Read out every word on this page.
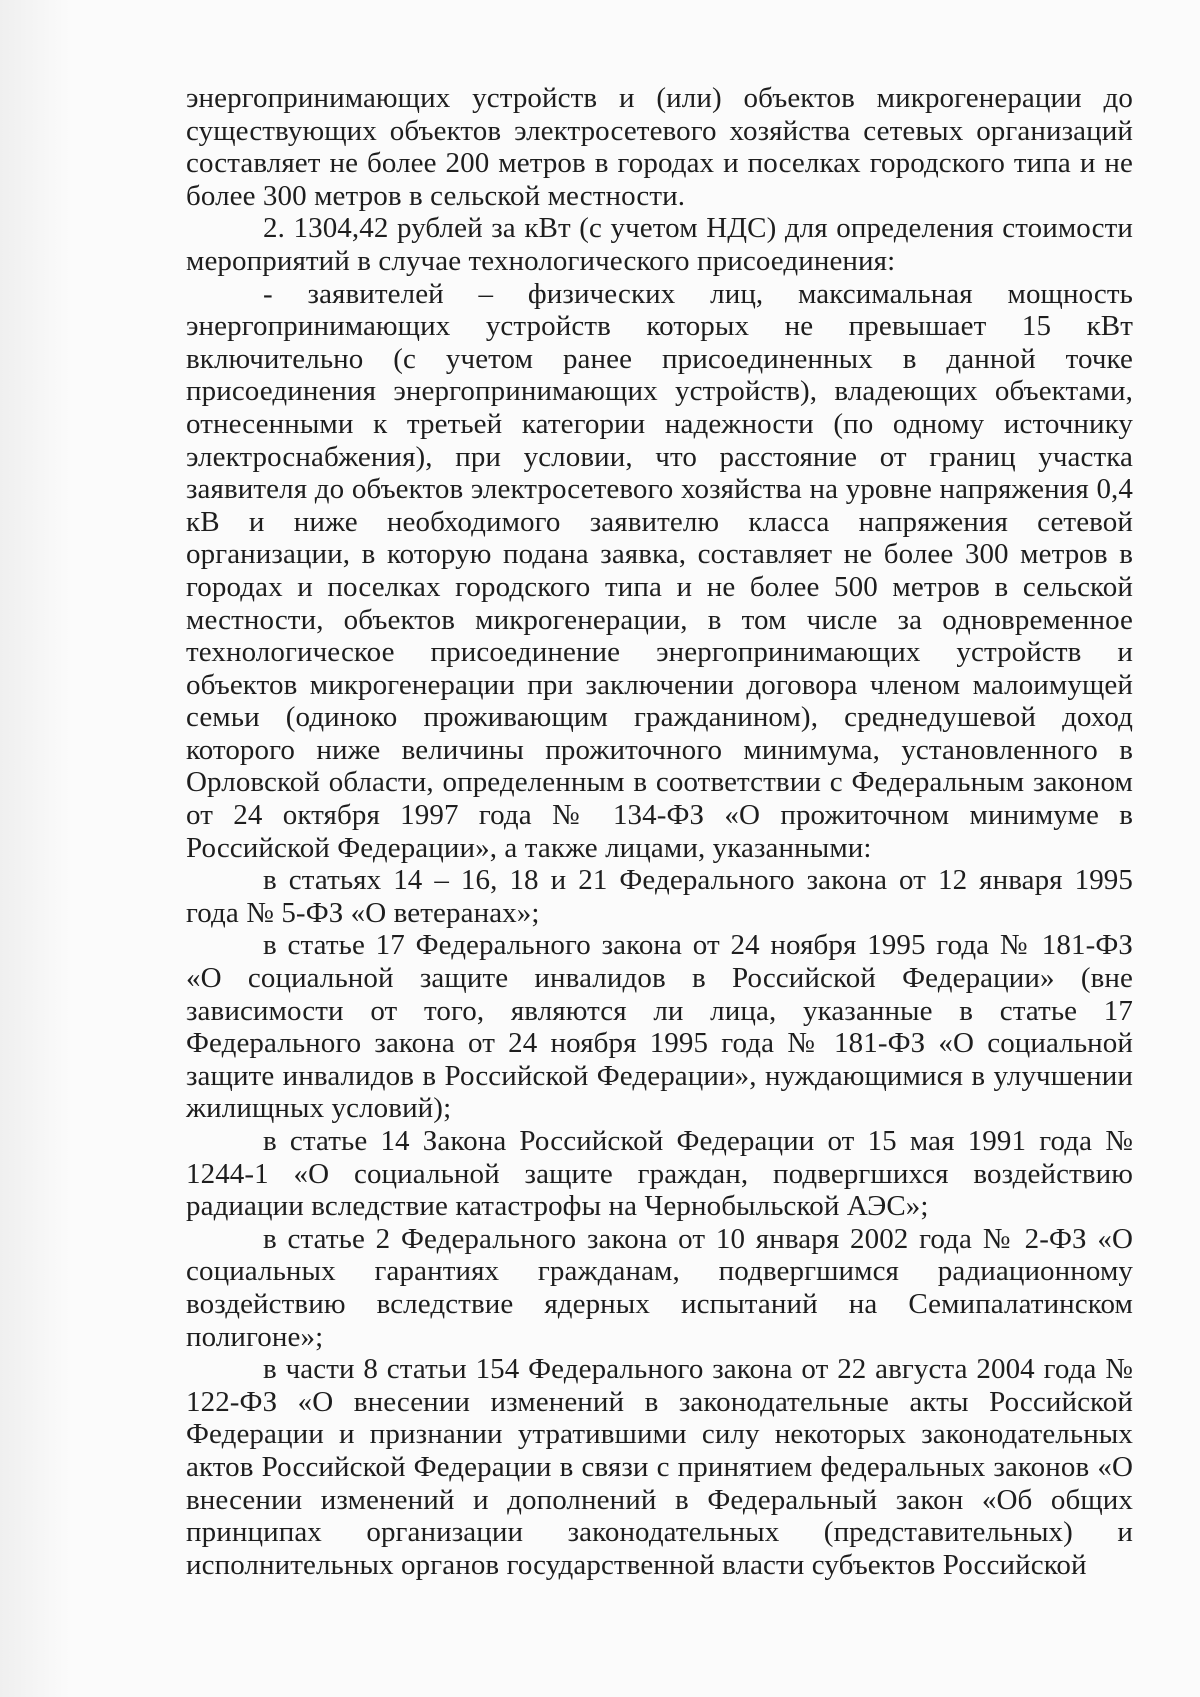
энергопринимающих устройств и (или) объектов микрогенерации до существующих объектов электросетевого хозяйства сетевых организаций составляет не более 200 метров в городах и поселках городского типа и не более 300 метров в сельской местности.

2. 1304,42 рублей за кВт (с учетом НДС) для определения стоимости мероприятий в случае технологического присоединения:

- заявителей – физических лиц, максимальная мощность энергопринимающих устройств которых не превышает 15 кВт включительно (с учетом ранее присоединенных в данной точке присоединения энергопринимающих устройств), владеющих объектами, отнесенными к третьей категории надежности (по одному источнику электроснабжения), при условии, что расстояние от границ участка заявителя до объектов электросетевого хозяйства на уровне напряжения 0,4 кВ и ниже необходимого заявителю класса напряжения сетевой организации, в которую подана заявка, составляет не более 300 метров в городах и поселках городского типа и не более 500 метров в сельской местности, объектов микрогенерации, в том числе за одновременное технологическое присоединение энергопринимающих устройств и объектов микрогенерации при заключении договора членом малоимущей семьи (одиноко проживающим гражданином), среднедушевой доход которого ниже величины прожиточного минимума, установленного в Орловской области, определенным в соответствии с Федеральным законом от 24 октября 1997 года № 134-ФЗ «О прожиточном минимуме в Российской Федерации», а также лицами, указанными:

в статьях 14 – 16, 18 и 21 Федерального закона от 12 января 1995 года № 5-ФЗ «О ветеранах»;

в статье 17 Федерального закона от 24 ноября 1995 года № 181-ФЗ «О социальной защите инвалидов в Российской Федерации» (вне зависимости от того, являются ли лица, указанные в статье 17 Федерального закона от 24 ноября 1995 года № 181-ФЗ «О социальной защите инвалидов в Российской Федерации», нуждающимися в улучшении жилищных условий);

в статье 14 Закона Российской Федерации от 15 мая 1991 года № 1244-1 «О социальной защите граждан, подвергшихся воздействию радиации вследствие катастрофы на Чернобыльской АЭС»;

в статье 2 Федерального закона от 10 января 2002 года № 2-ФЗ «О социальных гарантиях гражданам, подвергшимся радиационному воздействию вследствие ядерных испытаний на Семипалатинском полигоне»;

в части 8 статьи 154 Федерального закона от 22 августа 2004 года № 122-ФЗ «О внесении изменений в законодательные акты Российской Федерации и признании утратившими силу некоторых законодательных актов Российской Федерации в связи с принятием федеральных законов «О внесении изменений и дополнений в Федеральный закон «Об общих принципах организации законодательных (представительных) и исполнительных органов государственной власти субъектов Российской
